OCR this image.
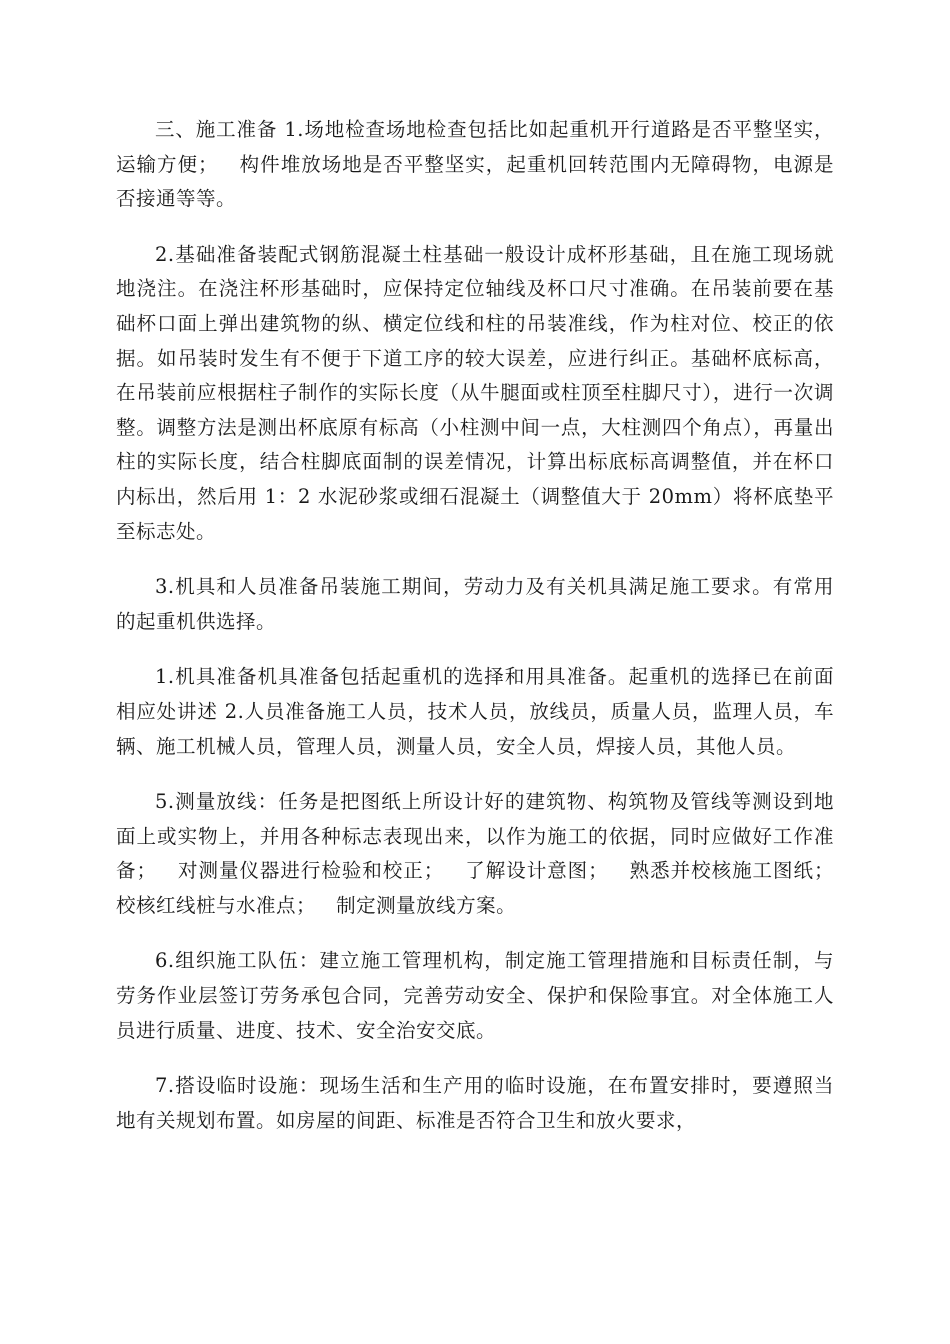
三、施工准备 1.场地检查场地检查包括比如起重机开行道路是否平整坚实，运输方便；   构件堆放场地是否平整坚实，起重机回转范围内无障碍物，电源是否接通等等。

2.基础准备装配式钢筋混凝土柱基础一般设计成杯形基础，且在施工现场就地浇注。在浇注杯形基础时，应保持定位轴线及杯口尺寸准确。在吊装前要在基础杯口面上弹出建筑物的纵、横定位线和柱的吊装准线，作为柱对位、校正的依据。如吊装时发生有不便于下道工序的较大误差，应进行纠正。基础杯底标高，在吊装前应根据柱子制作的实际长度（从牛腿面或柱顶至柱脚尺寸），进行一次调整。调整方法是测出杯底原有标高（小柱测中间一点，大柱测四个角点），再量出柱的实际长度，结合柱脚底面制的误差情况，计算出标底标高调整值，并在杯口内标出，然后用 1：2 水泥砂浆或细石混凝土（调整值大于 20mm）将杯底垫平至标志处。

3.机具和人员准备吊装施工期间，劳动力及有关机具满足施工要求。有常用的起重机供选择。

1.机具准备机具准备包括起重机的选择和用具准备。起重机的选择已在前面相应处讲述 2.人员准备施工人员，技术人员，放线员，质量人员，监理人员，车辆、施工机械人员，管理人员，测量人员，安全人员，焊接人员，其他人员。

5.测量放线：任务是把图纸上所设计好的建筑物、构筑物及管线等测设到地面上或实物上，并用各种标志表现出来，以作为施工的依据，同时应做好工作准备；   对测量仪器进行检验和校正；   了解设计意图；   熟悉并校核施工图纸；   校核红线桩与水准点；   制定测量放线方案。

6.组织施工队伍：建立施工管理机构，制定施工管理措施和目标责任制，与劳务作业层签订劳务承包合同，完善劳动安全、保护和保险事宜。对全体施工人员进行质量、进度、技术、安全治安交底。

7.搭设临时设施：现场生活和生产用的临时设施，在布置安排时，要遵照当地有关规划布置。如房屋的间距、标准是否符合卫生和放火要求，
